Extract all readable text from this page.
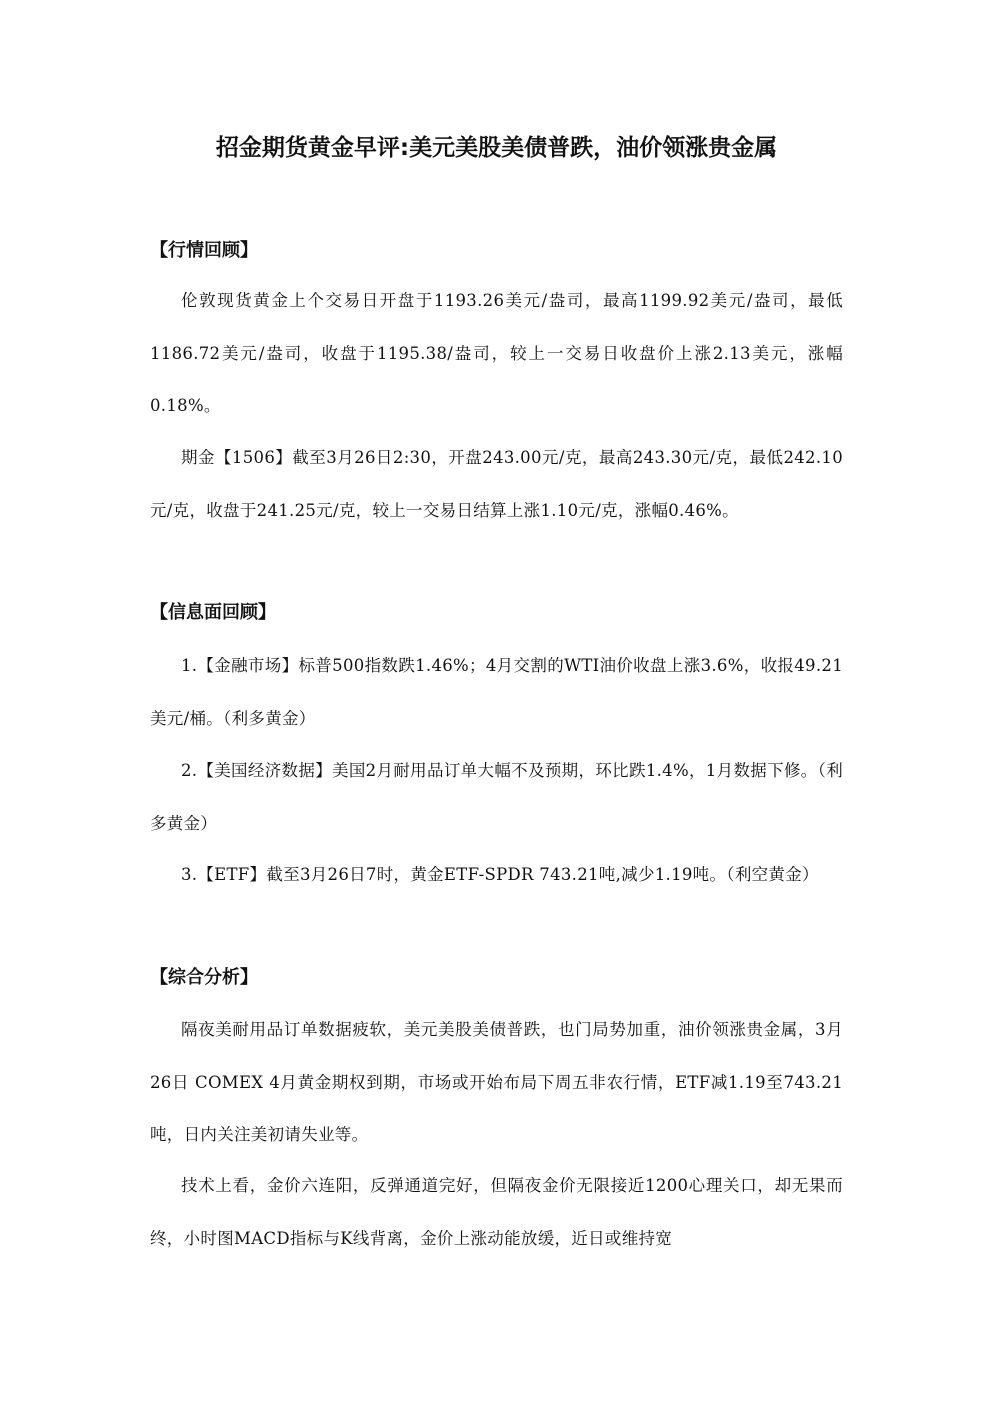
招金期货黄金早评:美元美股美债普跌，油价领涨贵金属
【行情回顾】

伦敦现货黄金上个交易日开盘于1193.26美元/盎司，最高1199.92美元/盎司，最低1186.72美元/盎司，收盘于1195.38/盎司，较上一交易日收盘价上涨2.13美元，涨幅0.18%。

期金【1506】截至3月26日2:30，开盘243.00元/克，最高243.30元/克，最低242.10元/克，收盘于241.25元/克，较上一交易日结算上涨1.10元/克，涨幅0.46%。

【信息面回顾】

1.【金融市场】标普500指数跌1.46%；4月交割的WTI油价收盘上涨3.6%，收报49.21美元/桶。（利多黄金）

2.【美国经济数据】美国2月耐用品订单大幅不及预期，环比跌1.4%，1月数据下修。（利多黄金）

3.【ETF】截至3月26日7时，黄金ETF-SPDR 743.21吨,减少1.19吨。（利空黄金）

【综合分析】

隔夜美耐用品订单数据疲软，美元美股美债普跌，也门局势加重，油价领涨贵金属，3月26日 COMEX 4月黄金期权到期，市场或开始布局下周五非农行情，ETF减1.19至743.21吨，日内关注美初请失业等。

技术上看，金价六连阳，反弹通道完好，但隔夜金价无限接近1200心理关口，却无果而终，小时图MACD指标与K线背离，金价上涨动能放缓，近日或维持宽
